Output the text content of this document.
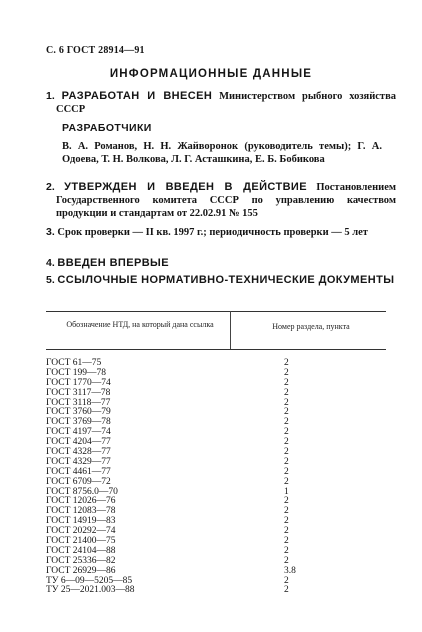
С. 6 ГОСТ 28914—91
ИНФОРМАЦИОННЫЕ ДАННЫЕ
1. РАЗРАБОТАН И ВНЕСЕН Министерством рыбного хозяйства СССР
РАЗРАБОТЧИКИ
В. А. Романов, Н. Н. Жайворонок (руководитель темы); Г. А. Одоева, Т. Н. Волкова, Л. Г. Асташкина, Е. Б. Бобикова
2. УТВЕРЖДЕН И ВВЕДЕН В ДЕЙСТВИЕ Постановлением Государственного комитета СССР по управлению качеством продукции и стандартам от 22.02.91 № 155
3. Срок проверки — II кв. 1997 г.; периодичность проверки — 5 лет
4. ВВЕДЕН ВПЕРВЫЕ
5. ССЫЛОЧНЫЕ НОРМАТИВНО-ТЕХНИЧЕСКИЕ ДОКУМЕНТЫ
Обозначение НТД, на который дана ссылка	Номер раздела, пункта
ГОСТ 61—75	2
ГОСТ 199—78	2
ГОСТ 1770—74	2
ГОСТ 3117—78	2
ГОСТ 3118—77	2
ГОСТ 3760—79	2
ГОСТ 3769—78	2
ГОСТ 4197—74	2
ГОСТ 4204—77	2
ГОСТ 4328—77	2
ГОСТ 4329—77	2
ГОСТ 4461—77	2
ГОСТ 6709—72	2
ГОСТ 8756.0—70	1
ГОСТ 12026—76	2
ГОСТ 12083—78	2
ГОСТ 14919—83	2
ГОСТ 20292—74	2
ГОСТ 21400—75	2
ГОСТ 24104—88	2
ГОСТ 25336—82	2
ГОСТ 26929—86	3.8
ТУ 6—09—5205—85	2
ТУ 25—2021.003—88	2
